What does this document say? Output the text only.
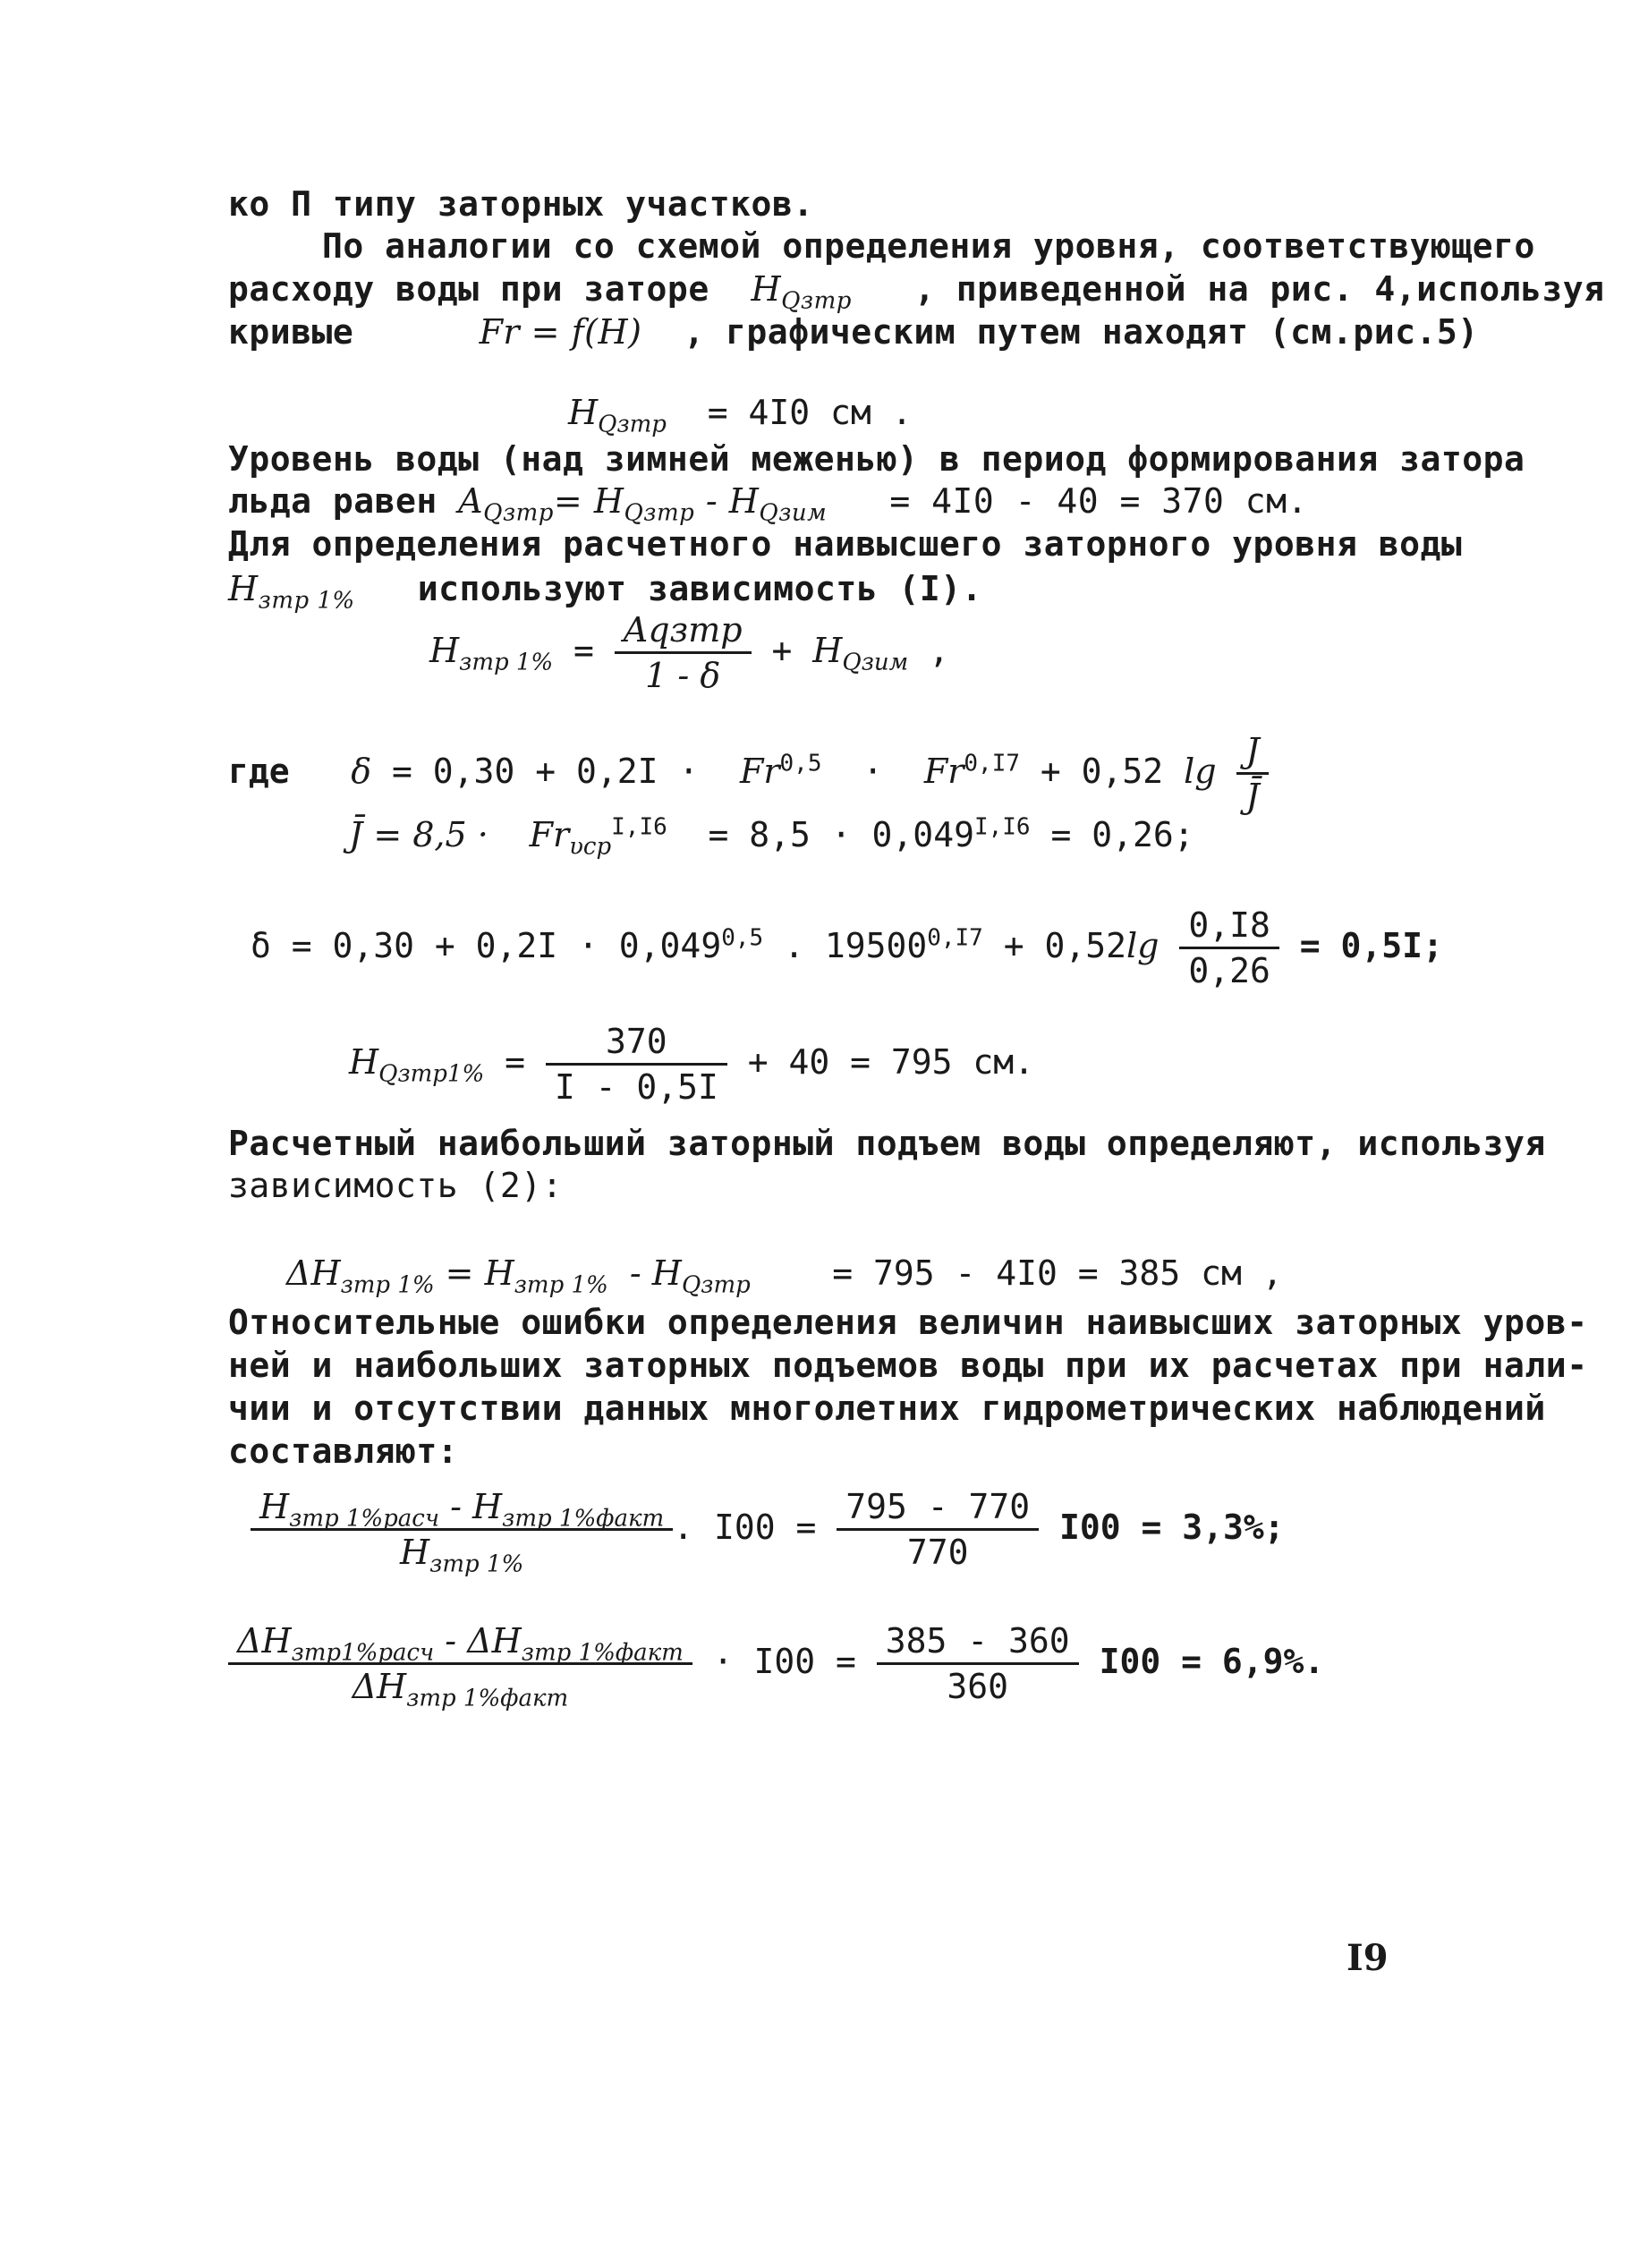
ко П типу заторных участков.
По аналогии со схемой определения уровня, соответствующего
расходу воды при заторе $H_{Qзтр}$ , приведенной на рис. 4,используя
кривые	Fr = f(H) , графическим путем находят (см.рис.5)
$H_{Qзтр} = 4I0$ см .
Уровень воды (над зимней меженью) в период формирования затора
льда равен $A_{Qзтр}= H_{Qзтр} - H_{Qзим} = 4I0 - 40 = 370$ см.
Для определения расчетного наивысшего заторного уровня воды
$H_{зтр 1\%}$ используют зависимость (I).
$H_{зтр 1\%} = \frac{\text{Aqзтр}}{1 - \delta} + H_{Qзим}$ ,
где $\delta = 0,30 + 0,2I \cdot Fr^{0,5} \cdot Fr^{0,I7} + 0,52$ $\lg \frac{J}{J̄}$
J̄ = $8,5 \cdot Fr_{\upsilon cp}^{I,I6} = 8,5 \cdot 0,049^{I,I6} = 0,26$;
$\delta = 0,30 + 0,2I \cdot 0,049^{0,5}$ . $19500^{0,I7} + 0,52\lg \frac{0,I8}{0,26} = 0,5I$;
$H_{Qзтр1\%} = \frac{370}{I - 0,5I} + 40 = 795$ см.
Расчетный наибольший заторный подъем воды определяют, используя
зависимость (2):
$\Delta H_{зтр 1\%} = H_{зтр 1\%} - H_{Qзтр} = 795 - 4I0 = 385$ см ,
Относительные ошибки определения величин наивысших заторных уров-
ней и наибольших заторных подъемов воды при их расчетах при нали-
чии и отсутствии данных многолетних гидрометрических наблюдений
составляют:
$\frac{H_{зтр 1\%расч} - H_{зтр 1\%факт}}{H_{зтр 1\%}}$ . $I00 = \frac{795 - 770}{770} I00 = 3,3\%$;
$\frac{\Delta H_{зтр1\%расч} - \Delta H_{зтр 1\%факт}}{\Delta H_{зтр 1\%факт}} \cdot I00 = \frac{385 - 360}{360} I00 = 6,9\%$.
I9
